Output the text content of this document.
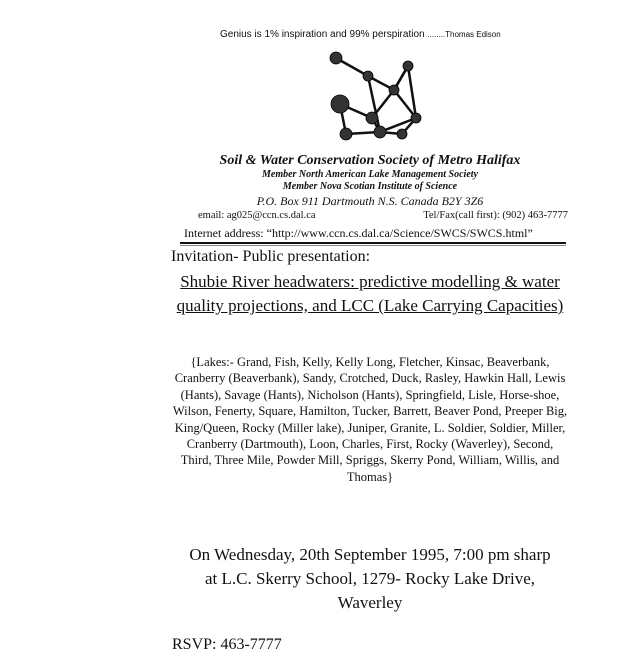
Genius is 1% inspiration and 99% perspiration ........Thomas Edison
Soil & Water Conservation Society of Metro Halifax
Member North American Lake Management Society
Member Nova Scotian Institute of Science
P.O. Box 911 Dartmouth N.S. Canada B2Y 3Z6
email: ag025@ccn.cs.dal.ca	Tel/Fax(call first): (902) 463-7777
Internet address: “http://www.ccn.cs.dal.ca/Science/SWCS/SWCS.html”
Invitation- Public presentation:
Shubie River headwaters: predictive modelling & water quality projections, and LCC (Lake Carrying Capacities)
{Lakes:- Grand, Fish, Kelly, Kelly Long, Fletcher, Kinsac, Beaverbank, Cranberry (Beaverbank), Sandy, Crotched, Duck, Rasley, Hawkin Hall, Lewis (Hants), Savage (Hants), Nicholson (Hants), Springfield, Lisle, Horse-shoe, Wilson, Fenerty, Square, Hamilton, Tucker, Barrett, Beaver Pond, Preeper Big, King/Queen, Rocky (Miller lake), Juniper, Granite, L. Soldier, Soldier, Miller, Cranberry (Dartmouth), Loon, Charles, First, Rocky (Waverley), Second, Third, Three Mile, Powder Mill, Spriggs, Skerry Pond, William, Willis, and Thomas}
On Wednesday, 20th September 1995, 7:00 pm sharp
at L.C. Skerry School, 1279- Rocky Lake Drive,
Waverley
RSVP: 463-7777
